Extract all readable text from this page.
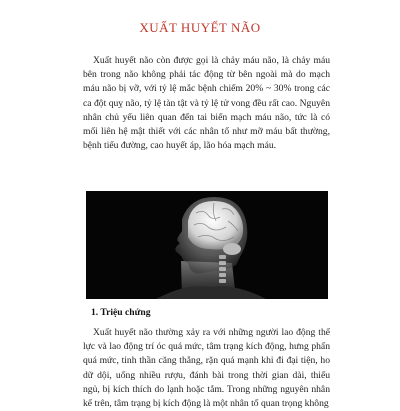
XUẤT HUYẾT NÃO

Xuất huyết não còn được gọi là chảy máu não, là chảy máu bên trong não không phải tác động từ bên ngoài mà do mạch máu não bị vỡ, với tỷ lệ mắc bệnh chiếm 20% ~ 30% trong các ca đột quỵ não, tỷ lệ tàn tật và tỷ lệ tử vong đều rất cao. Nguyên nhân chủ yếu liên quan đến tai biến mạch máu não, tức là có mối liên hệ mật thiết với các nhân tố như mỡ máu bất thường, bệnh tiểu đường, cao huyết áp, lão hóa mạch máu.

1. Triệu chứng

Xuất huyết não thường xảy ra với những người lao động thể lực và lao động trí óc quá mức, tâm trạng kích động, hưng phấn quá mức, tinh thần căng thẳng, rặn quá mạnh khi đi đại tiện, ho dữ dội, uống nhiều rượu, đánh bài trong thời gian dài, thiếu ngủ, bị kích thích do lạnh hoặc tắm. Trong những nguyên nhân kể trên, tâm trạng bị kích động là một nhân tố quan trọng không
